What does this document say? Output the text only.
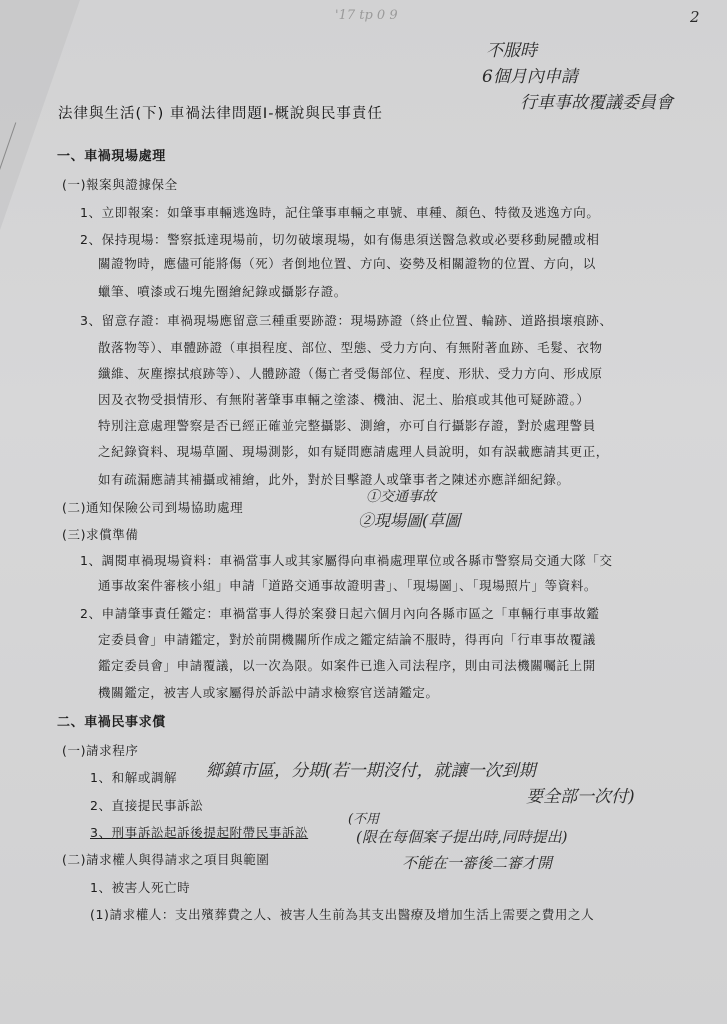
'17 tp 0 9	2
不服時
6個月內申請
行車事故覆議委員會
法律與生活(下) 車禍法律問題Ⅰ-概說與民事責任
一、車禍現場處理
(一)報案與證據保全
1、立即報案：如肇事車輛逃逸時，記住肇事車輛之車號、車種、顏色、特徵及逃逸方向。
2、保持現場：警察抵達現場前，切勿破壞現場，如有傷患須送醫急救或必要移動屍體或相
關證物時，應儘可能將傷（死）者倒地位置、方向、姿勢及相關證物的位置、方向，以
蠟筆、噴漆或石塊先圈繪紀錄或攝影存證。
3、留意存證：車禍現場應留意三種重要跡證：現場跡證（終止位置、輪跡、道路損壞痕跡、
散落物等）、車體跡證（車損程度、部位、型態、受力方向、有無附著血跡、毛髮、衣物
纖維、灰塵擦拭痕跡等）、人體跡證（傷亡者受傷部位、程度、形狀、受力方向、形成原
因及衣物受損情形、有無附著肇事車輛之塗漆、機油、泥土、胎痕或其他可疑跡證。）
特別注意處理警察是否已經正確並完整攝影、測繪，亦可自行攝影存證，對於處理警員
之紀錄資料、現場草圖、現場測影，如有疑問應請處理人員說明，如有誤載應請其更正，
如有疏漏應請其補攝或補繪，此外，對於目擊證人或肇事者之陳述亦應詳細紀錄。
①交通事故
②現場圖(草圖
(二)通知保險公司到場協助處理
(三)求償準備
1、調閱車禍現場資料：車禍當事人或其家屬得向車禍處理單位或各縣市警察局交通大隊「交
通事故案件審核小組」申請「道路交通事故證明書」、「現場圖」、「現場照片」等資料。
2、申請肇事責任鑑定：車禍當事人得於案發日起六個月內向各縣市區之「車輛行車事故鑑
定委員會」申請鑑定，對於前開機關所作成之鑑定結論不服時，得再向「行車事故覆議
鑑定委員會」申請覆議，以一次為限。如案件已進入司法程序，則由司法機關囑託上開
機關鑑定，被害人或家屬得於訴訟中請求檢察官送請鑑定。
二、車禍民事求償
(一)請求程序
1、和解或調解
2、直接提民事訴訟
3、刑事訴訟起訴後提起附帶民事訴訟
鄉鎮市區，分期(若一期沒付，就讓一次到期
要全部一次付)
(不用
(限在每個案子提出時,同時提出)
不能在一審後二審才開
(二)請求權人與得請求之項目與範圍
1、被害人死亡時
(1)請求權人：支出殯葬費之人、被害人生前為其支出醫療及增加生活上需要之費用之人
